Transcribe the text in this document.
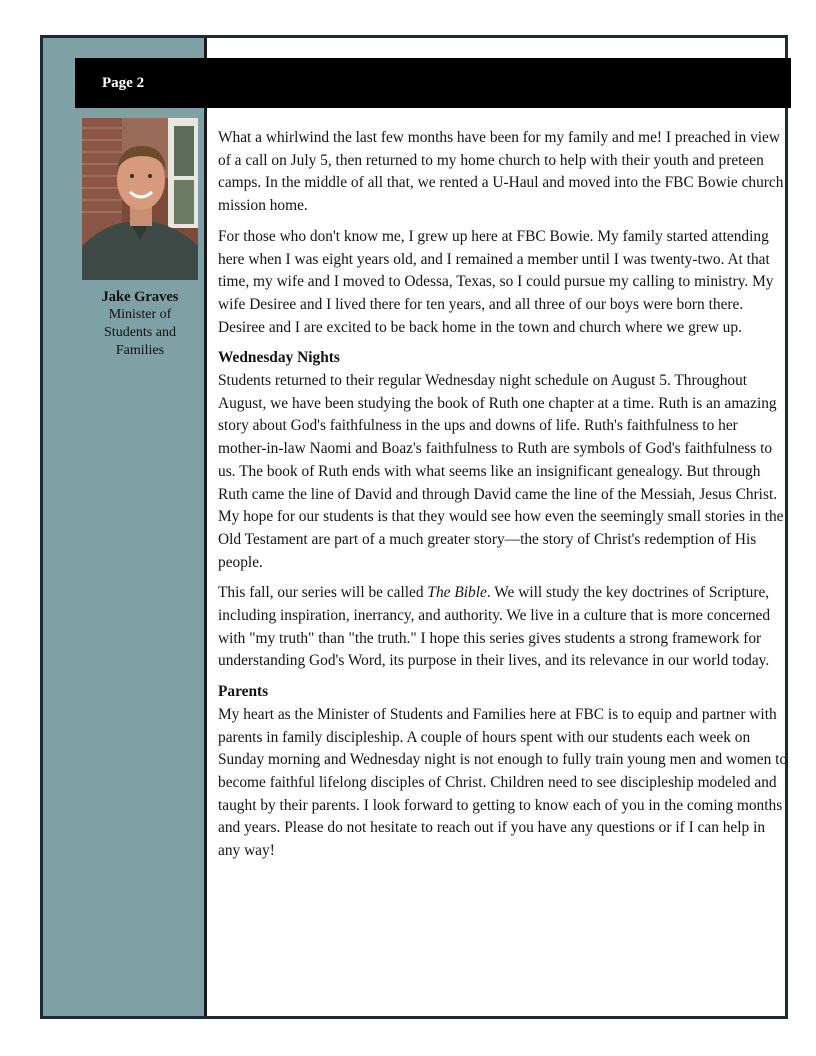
Jake Graves
Minister of
Students and
Families
Page 2

What a whirlwind the last few months have been for my family and me! I preached in view of a call on July 5, then returned to my home church to help with their youth and preteen camps. In the middle of all that, we rented a U-Haul and moved into the FBC Bowie church mission home.

For those who don't know me, I grew up here at FBC Bowie. My family started attending here when I was eight years old, and I remained a member until I was twenty-two. At that time, my wife and I moved to Odessa, Texas, so I could pursue my calling to ministry. My wife Desiree and I lived there for ten years, and all three of our boys were born there. Desiree and I are excited to be back home in the town and church where we grew up.

Wednesday Nights

Students returned to their regular Wednesday night schedule on August 5. Throughout August, we have been studying the book of Ruth one chapter at a time. Ruth is an amazing story about God's faithfulness in the ups and downs of life. Ruth's faithfulness to her mother-in-law Naomi and Boaz's faithfulness to Ruth are symbols of God's faithfulness to us. The book of Ruth ends with what seems like an insignificant genealogy. But through Ruth came the line of David and through David came the line of the Messiah, Jesus Christ. My hope for our students is that they would see how even the seemingly small stories in the Old Testament are part of a much greater story—the story of Christ's redemption of His people.

This fall, our series will be called The Bible. We will study the key doctrines of Scripture, including inspiration, inerrancy, and authority. We live in a culture that is more concerned with "my truth" than "the truth." I hope this series gives students a strong framework for understanding God's Word, its purpose in their lives, and its relevance in our world today.

Parents

My heart as the Minister of Students and Families here at FBC is to equip and partner with parents in family discipleship. A couple of hours spent with our students each week on Sunday morning and Wednesday night is not enough to fully train young men and women to become faithful lifelong disciples of Christ. Children need to see discipleship modeled and taught by their parents. I look forward to getting to know each of you in the coming months and years. Please do not hesitate to reach out if you have any questions or if I can help in any way!
